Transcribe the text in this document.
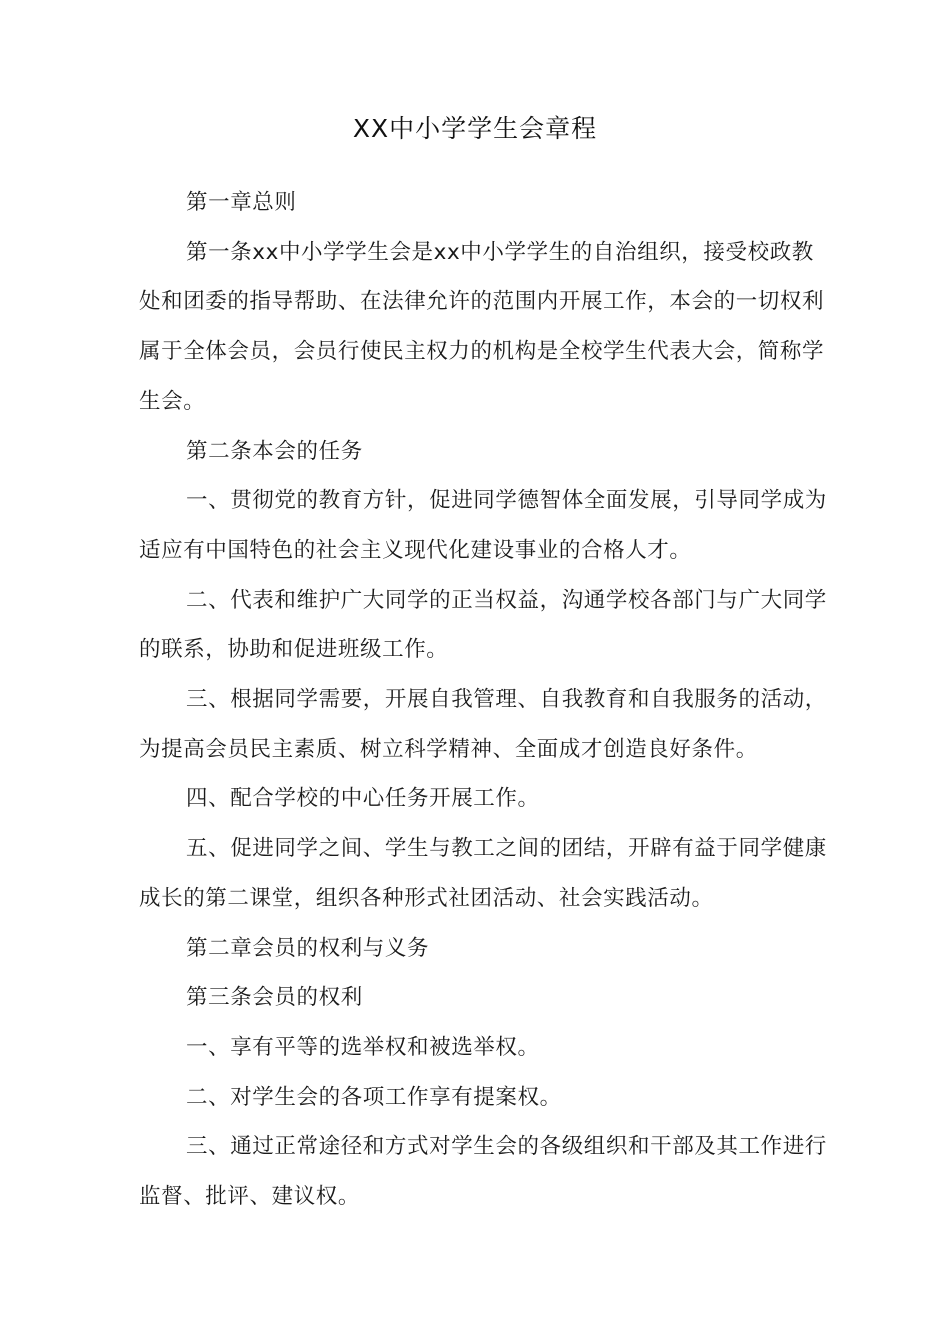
XX中小学学生会章程

第一章总则

第一条xx中小学学生会是xx中小学学生的自治组织，接受校政教处和团委的指导帮助、在法律允许的范围内开展工作，本会的一切权利属于全体会员，会员行使民主权力的机构是全校学生代表大会，简称学生会。

第二条本会的任务

一、贯彻党的教育方针，促进同学德智体全面发展，引导同学成为适应有中国特色的社会主义现代化建设事业的合格人才。

二、代表和维护广大同学的正当权益，沟通学校各部门与广大同学的联系，协助和促进班级工作。

三、根据同学需要，开展自我管理、自我教育和自我服务的活动，为提高会员民主素质、树立科学精神、全面成才创造良好条件。

四、配合学校的中心任务开展工作。

五、促进同学之间、学生与教工之间的团结，开辟有益于同学健康成长的第二课堂，组织各种形式社团活动、社会实践活动。

第二章会员的权利与义务

第三条会员的权利

一、享有平等的选举权和被选举权。

二、对学生会的各项工作享有提案权。

三、通过正常途径和方式对学生会的各级组织和干部及其工作进行监督、批评、建议权。
